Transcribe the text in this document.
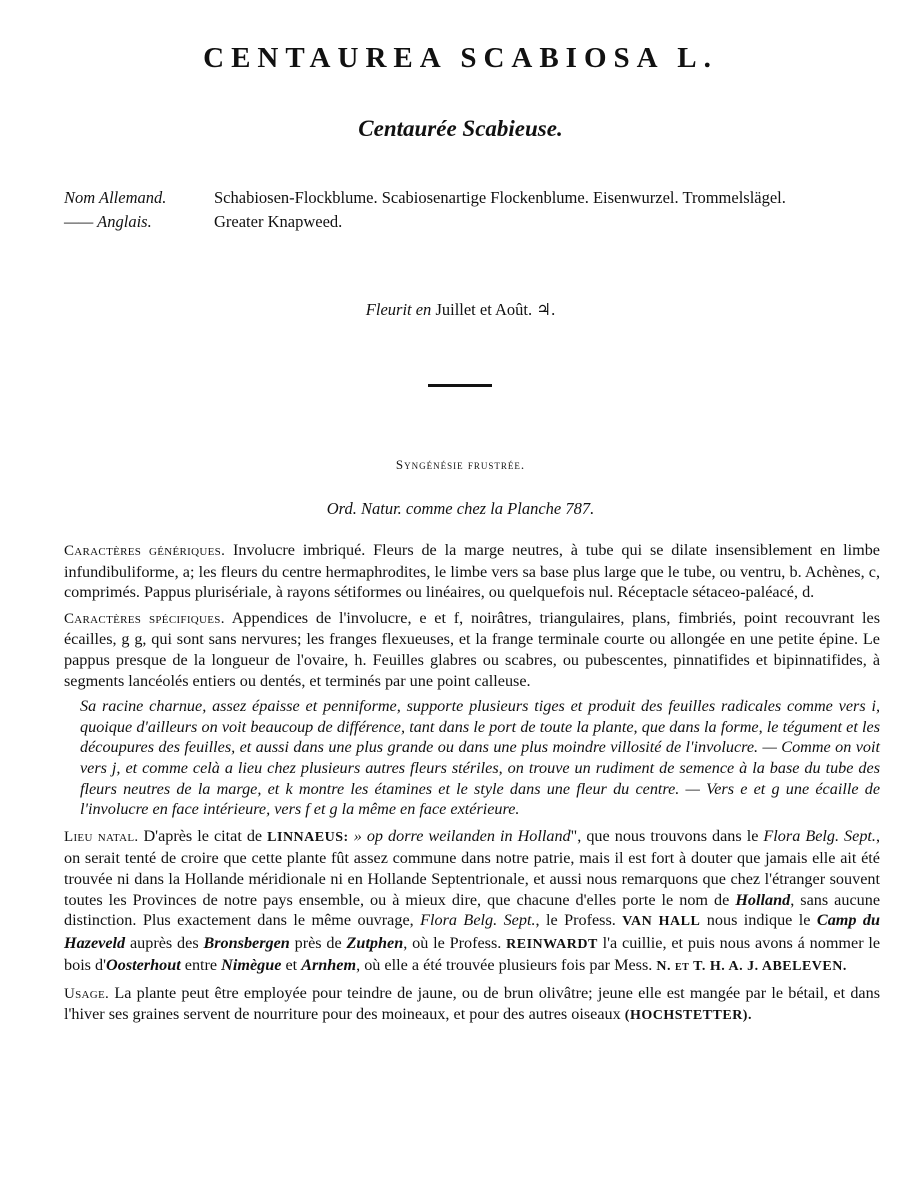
CENTAUREA SCABIOSA L.
Centaurée Scabieuse.
Nom Allemand.	Schabiosen-Flockblume. Scabiosenartige Flockenblume. Eisenwurzel. Trommelslägel.
—— Anglais.	Greater Knapweed.
Fleurit en Juillet et Août. ♃.
Syngénésie frustrée.
Ord. Natur. comme chez la Planche 787.

Caractères génériques. Involucre imbriqué. Fleurs de la marge neutres, à tube qui se dilate insensiblement en limbe infundibuliforme, a; les fleurs du centre hermaphrodites, le limbe vers sa base plus large que le tube, ou ventru, b. Achènes, c, comprimés. Pappus plurisériale, à rayons sétiformes ou linéaires, ou quelquefois nul. Réceptacle sétaceo-paléacé, d.

Caractères spécifiques. Appendices de l'involucre, e et f, noirâtres, triangulaires, plans, fimbriés, point recouvrant les écailles, g g, qui sont sans nervures; les franges flexueuses, et la frange terminale courte ou allongée en une petite épine. Le pappus presque de la longueur de l'ovaire, h. Feuilles glabres ou scabres, ou pubescentes, pinnatifides et bipinnatifides, à segments lancéolés entiers ou dentés, et terminés par une point calleuse.

Sa racine charnue, assez épaisse et penniforme, supporte plusieurs tiges et produit des feuilles radicales comme vers i, quoique d'ailleurs on voit beaucoup de différence, tant dans le port de toute la plante, que dans la forme, le tégument et les découpures des feuilles, et aussi dans une plus grande ou dans une plus moindre villosité de l'involucre. — Comme on voit vers j, et comme celà a lieu chez plusieurs autres fleurs stériles, on trouve un rudiment de semence à la base du tube des fleurs neutres de la marge, et k montre les étamines et le style dans une fleur du centre. — Vers e et g une écaille de l'involucre en face intérieure, vers f et g la même en face extérieure.

Lieu natal. D'après le citat de LINNAEUS: » op dorre weilanden in Holland", que nous trouvons dans le Flora Belg. Sept., on serait tenté de croire que cette plante fût assez commune dans notre patrie, mais il est fort à douter que jamais elle ait été trouvée ni dans la Hollande méridionale ni en Hollande Septentrionale, et aussi nous remarquons que chez l'étranger souvent toutes les Provinces de notre pays ensemble, ou à mieux dire, que chacune d'elles porte le nom de Holland, sans aucune distinction. Plus exactement dans le même ouvrage, Flora Belg. Sept., le Profess. VAN HALL nous indique le Camp du Hazeveld auprès des Bronsbergen près de Zutphen, où le Profess. REINWARDT l'a cuillie, et puis nous avons á nommer le bois d'Oosterhout entre Nimègue et Arnhem, où elle a été trouvée plusieurs fois par Mess. N. et T. H. A. J. ABELEVEN.

Usage. La plante peut être employée pour teindre de jaune, ou de brun olivâtre; jeune elle est mangée par le bétail, et dans l'hiver ses graines servent de nourriture pour des moineaux, et pour des autres oiseaux (HOCHSTETTER).
